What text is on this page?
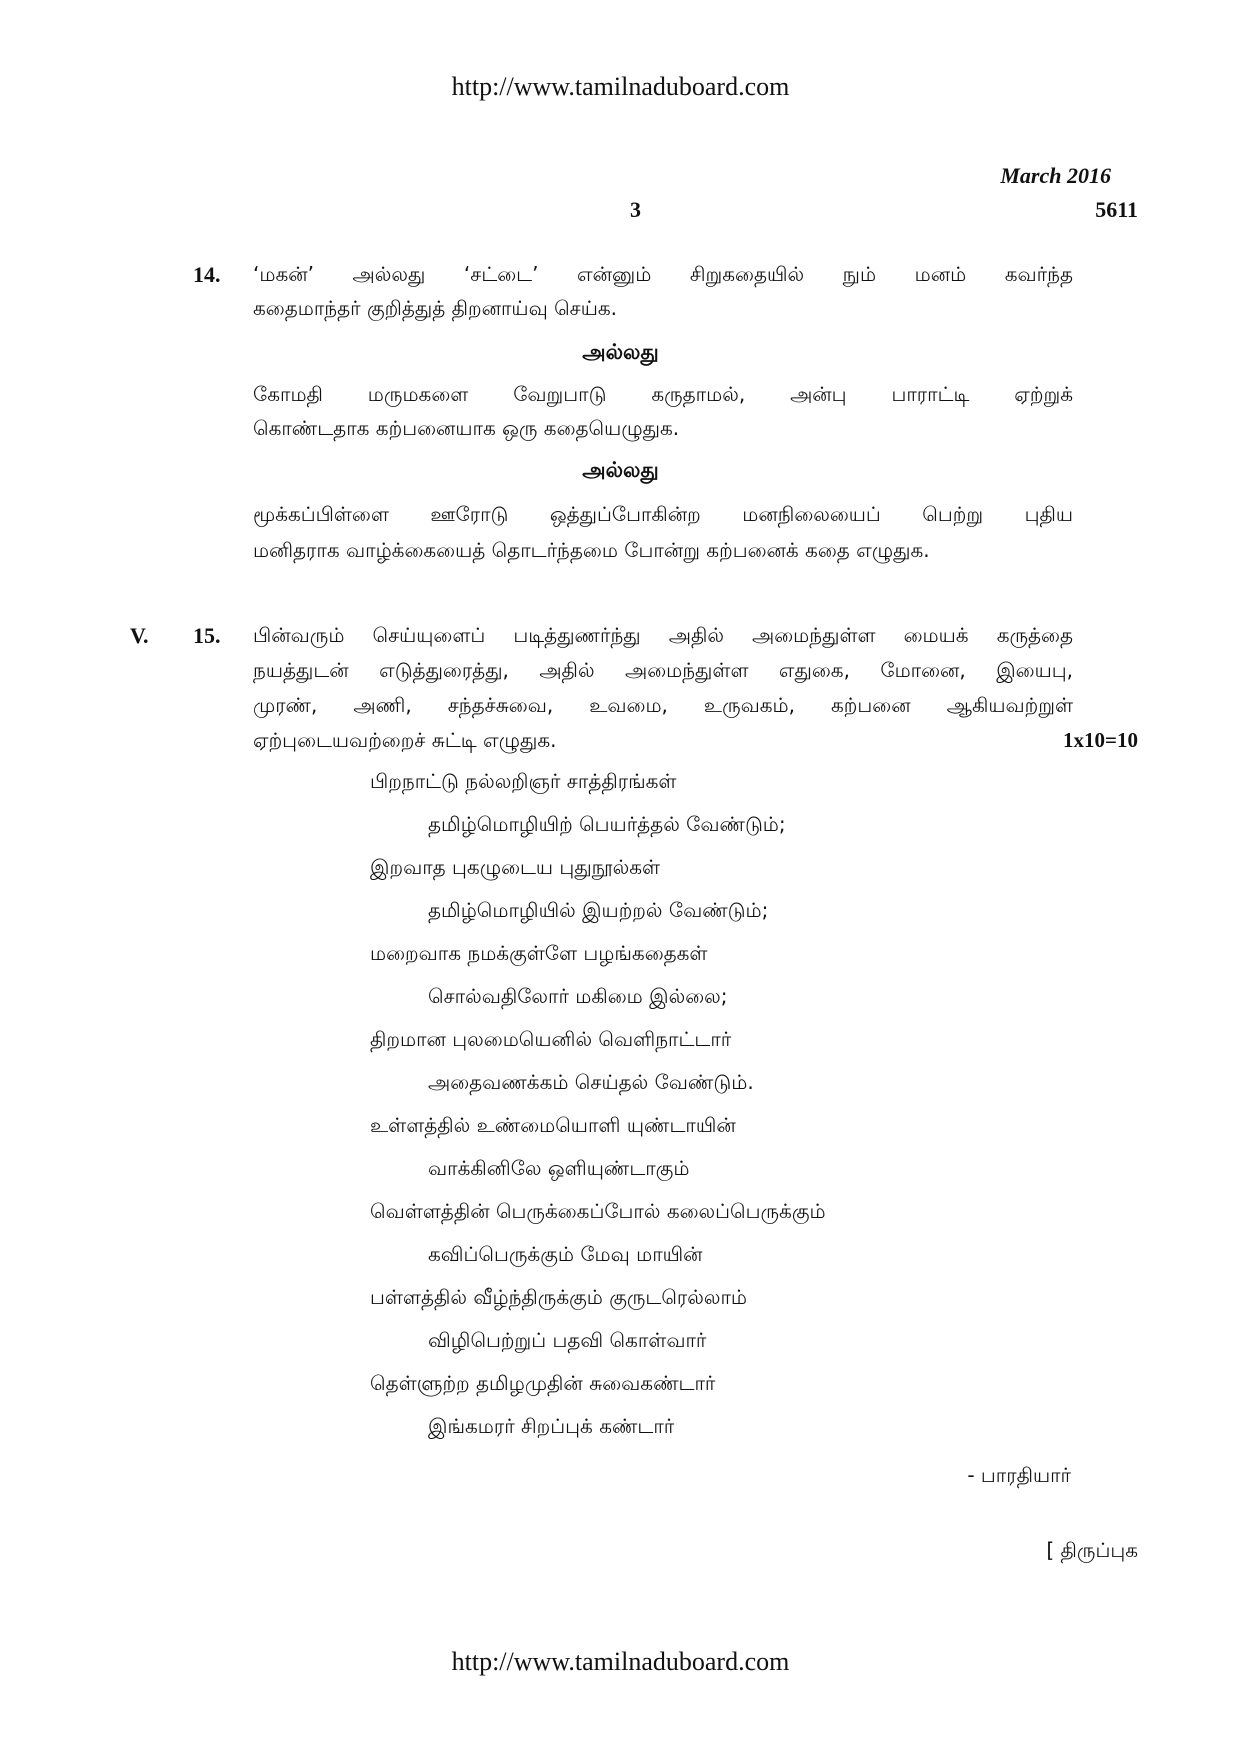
http://www.tamilnaduboard.com
March 2016
3	5611
14. ‘மகன்’ அல்லது ‘சட்டை’ என்னும் சிறுகதையில் நும் மனம் கவர்ந்த
கதைமாந்தர் குறித்துத் திறனாய்வு செய்க.
அல்லது
கோமதி மருமகளை வேறுபாடு கருதாமல், அன்பு பாராட்டி ஏற்றுக்
கொண்டதாக கற்பனையாக ஒரு கதையெழுதுக.
அல்லது
மூக்கப்பிள்ளை ஊரோடு ஒத்துப்போகின்ற மனநிலையைப் பெற்று புதிய
மனிதராக வாழ்க்கையைத் தொடர்ந்தமை போன்று கற்பனைக் கதை எழுதுக.
V. 15. பின்வரும் செய்யுளைப் படித்துணர்ந்து அதில் அமைந்துள்ள மையக் கருத்தை
நயத்துடன் எடுத்துரைத்து, அதில் அமைந்துள்ள எதுகை, மோனை, இயைபு,
முரண், அணி, சந்தச்சுவை, உவமை, உருவகம், கற்பனை ஆகியவற்றுள்
ஏற்புடையவற்றைச் சுட்டி எழுதுக.	1x10=10
பிறநாட்டு நல்லறிஞர் சாத்திரங்கள்
தமிழ்மொழியிற் பெயர்த்தல் வேண்டும்;
இறவாத புகழுடைய புதுநூல்கள்
தமிழ்மொழியில் இயற்றல் வேண்டும்;
மறைவாக நமக்குள்ளே பழங்கதைகள்
சொல்வதிலோர் மகிமை இல்லை;
திறமான புலமையெனில் வெளிநாட்டார்
அதைவணக்கம் செய்தல் வேண்டும்.
உள்ளத்தில் உண்மையொளி யுண்டாயின்
வாக்கினிலே ஒளியுண்டாகும்
வெள்ளத்தின் பெருக்கைப்போல் கலைப்பெருக்கும்
கவிப்பெருக்கும் மேவு மாயின்
பள்ளத்தில் வீழ்ந்திருக்கும் குருடரெல்லாம்
விழிபெற்றுப் பதவி கொள்வார்
தெள்ளுற்ற தமிழமுதின் சுவைகண்டார்
இங்கமரர் சிறப்புக் கண்டார்
- பாரதியார்
[ திருப்புக
http://www.tamilnaduboard.com
